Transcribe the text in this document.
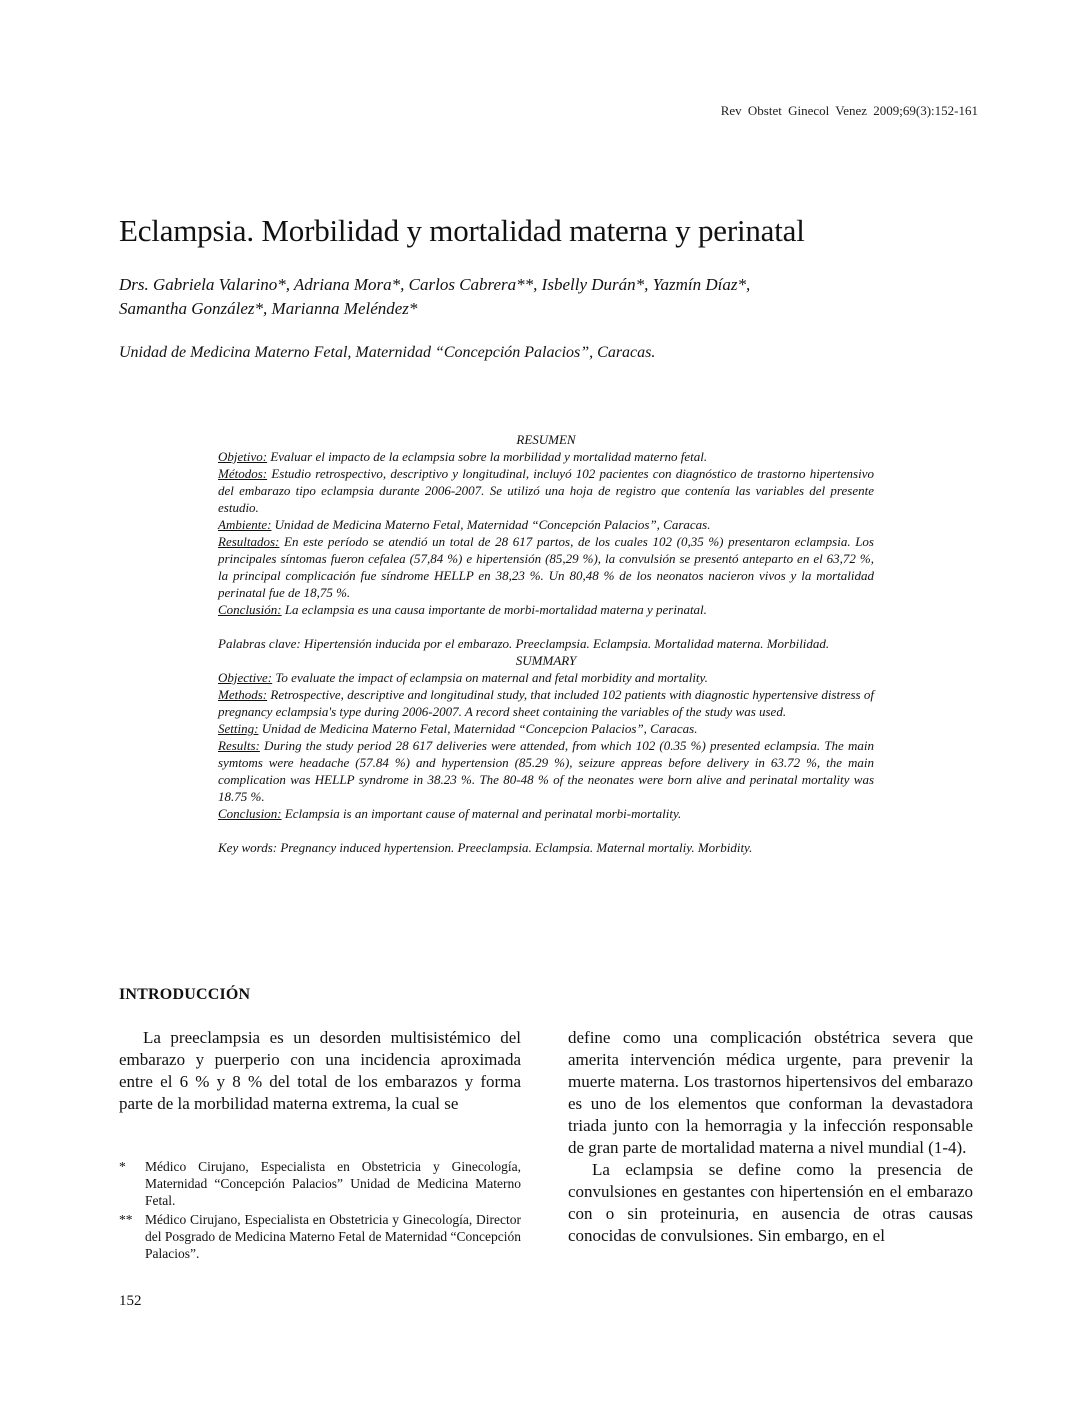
Rev Obstet Ginecol Venez 2009;69(3):152-161
Eclampsia. Morbilidad y mortalidad materna y perinatal
Drs. Gabriela Valarino*, Adriana Mora*, Carlos Cabrera**, Isbelly Durán*, Yazmín Díaz*,
Samantha González*, Marianna Meléndez*
Unidad de Medicina Materno Fetal, Maternidad “Concepción Palacios”, Caracas.

RESUMEN

Objetivo: Evaluar el impacto de la eclampsia sobre la morbilidad y mortalidad materno fetal.

Métodos: Estudio retrospectivo, descriptivo y longitudinal, incluyó 102 pacientes con diagnóstico de trastorno hipertensivo del embarazo tipo eclampsia durante 2006-2007. Se utilizó una hoja de registro que contenía las variables del presente estudio.

Ambiente: Unidad de Medicina Materno Fetal, Maternidad “Concepción Palacios”, Caracas.

Resultados: En este período se atendió un total de 28 617 partos, de los cuales 102 (0,35 %) presentaron eclampsia. Los principales síntomas fueron cefalea (57,84 %) e hipertensión (85,29 %), la convulsión se presentó anteparto en el 63,72 %, la principal complicación fue síndrome HELLP en 38,23 %. Un 80,48 % de los neonatos nacieron vivos y la mortalidad perinatal fue de 18,75 %.

Conclusión: La eclampsia es una causa importante de morbi-mortalidad materna y perinatal.

Palabras clave: Hipertensión inducida por el embarazo. Preeclampsia. Eclampsia. Mortalidad materna. Morbilidad.

SUMMARY

Objective: To evaluate the impact of eclampsia on maternal and fetal morbidity and mortality.

Methods: Retrospective, descriptive and longitudinal study, that included 102 patients with diagnostic hypertensive distress of pregnancy eclampsia's type during 2006-2007. A record sheet containing the variables of the study was used.

Setting: Unidad de Medicina Materno Fetal, Maternidad “Concepcion Palacios”, Caracas.

Results: During the study period 28 617 deliveries were attended, from which 102 (0.35 %) presented eclampsia. The main symtoms were headache (57.84 %) and hypertension (85.29 %), seizure appreas before delivery in 63.72 %, the main complication was HELLP syndrome in 38.23 %. The 80-48 % of the neonates were born alive and perinatal mortality was 18.75 %.

Conclusion: Eclampsia is an important cause of maternal and perinatal morbi-mortality.

Key words: Pregnancy induced hypertension. Preeclampsia. Eclampsia. Maternal mortaliy. Morbidity.

INTRODUCCIÓN

La preeclampsia es un desorden multisistémico del embarazo y puerperio con una incidencia aproximada entre el 6 % y 8 % del total de los embarazos y forma parte de la morbilidad materna extrema, la cual se

define como una complicación obstétrica severa que amerita intervención médica urgente, para prevenir la muerte materna. Los trastornos hipertensivos del embarazo es uno de los elementos que conforman la devastadora triada junto con la hemorragia y la infección responsable de gran parte de mortalidad materna a nivel mundial (1-4).

La eclampsia se define como la presencia de convulsiones en gestantes con hipertensión en el embarazo con o sin proteinuria, en ausencia de otras causas conocidas de convulsiones. Sin embargo, en el

*	Médico Cirujano, Especialista en Obstetricia y Ginecología, Maternidad “Concepción Palacios” Unidad de Medicina Materno Fetal.
** Médico Cirujano, Especialista en Obstetricia y Ginecología, Director del Posgrado de Medicina Materno Fetal de Maternidad “Concepción Palacios”.
152
